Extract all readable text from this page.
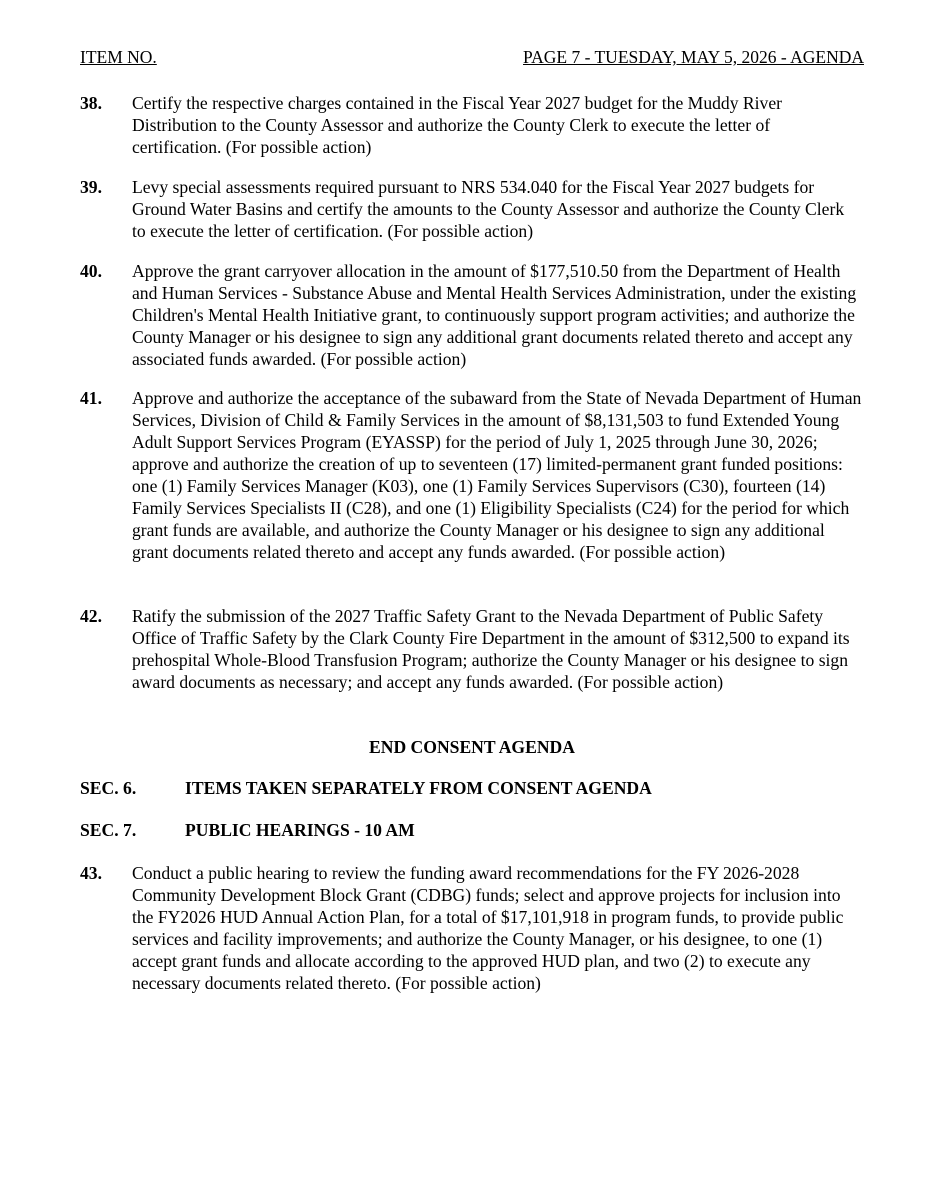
ITEM NO.	PAGE 7 - TUESDAY, MAY 5, 2026 - AGENDA
38. Certify the respective charges contained in the Fiscal Year 2027 budget for the Muddy River Distribution to the County Assessor and authorize the County Clerk to execute the letter of certification. (For possible action)
39. Levy special assessments required pursuant to NRS 534.040 for the Fiscal Year 2027 budgets for Ground Water Basins and certify the amounts to the County Assessor and authorize the County Clerk to execute the letter of certification. (For possible action)
40. Approve the grant carryover allocation in the amount of $177,510.50 from the Department of Health and Human Services - Substance Abuse and Mental Health Services Administration, under the existing Children's Mental Health Initiative grant, to continuously support program activities; and authorize the County Manager or his designee to sign any additional grant documents related thereto and accept any associated funds awarded. (For possible action)
41. Approve and authorize the acceptance of the subaward from the State of Nevada Department of Human Services, Division of Child & Family Services in the amount of $8,131,503 to fund Extended Young Adult Support Services Program (EYASSP) for the period of July 1, 2025 through June 30, 2026; approve and authorize the creation of up to seventeen (17) limited-permanent grant funded positions: one (1) Family Services Manager (K03), one (1) Family Services Supervisors (C30), fourteen (14) Family Services Specialists II (C28), and one (1) Eligibility Specialists (C24) for the period for which grant funds are available, and authorize the County Manager or his designee to sign any additional grant documents related thereto and accept any funds awarded. (For possible action)
42. Ratify the submission of the 2027 Traffic Safety Grant to the Nevada Department of Public Safety Office of Traffic Safety by the Clark County Fire Department in the amount of $312,500 to expand its prehospital Whole-Blood Transfusion Program; authorize the County Manager or his designee to sign award documents as necessary; and accept any funds awarded. (For possible action)
END CONSENT AGENDA
SEC. 6.	ITEMS TAKEN SEPARATELY FROM CONSENT AGENDA
SEC. 7.	PUBLIC HEARINGS - 10 AM
43. Conduct a public hearing to review the funding award recommendations for the FY 2026-2028 Community Development Block Grant (CDBG) funds; select and approve projects for inclusion into the FY2026 HUD Annual Action Plan, for a total of $17,101,918 in program funds, to provide public services and facility improvements; and authorize the County Manager, or his designee, to one (1) accept grant funds and allocate according to the approved HUD plan, and two (2) to execute any necessary documents related thereto. (For possible action)
